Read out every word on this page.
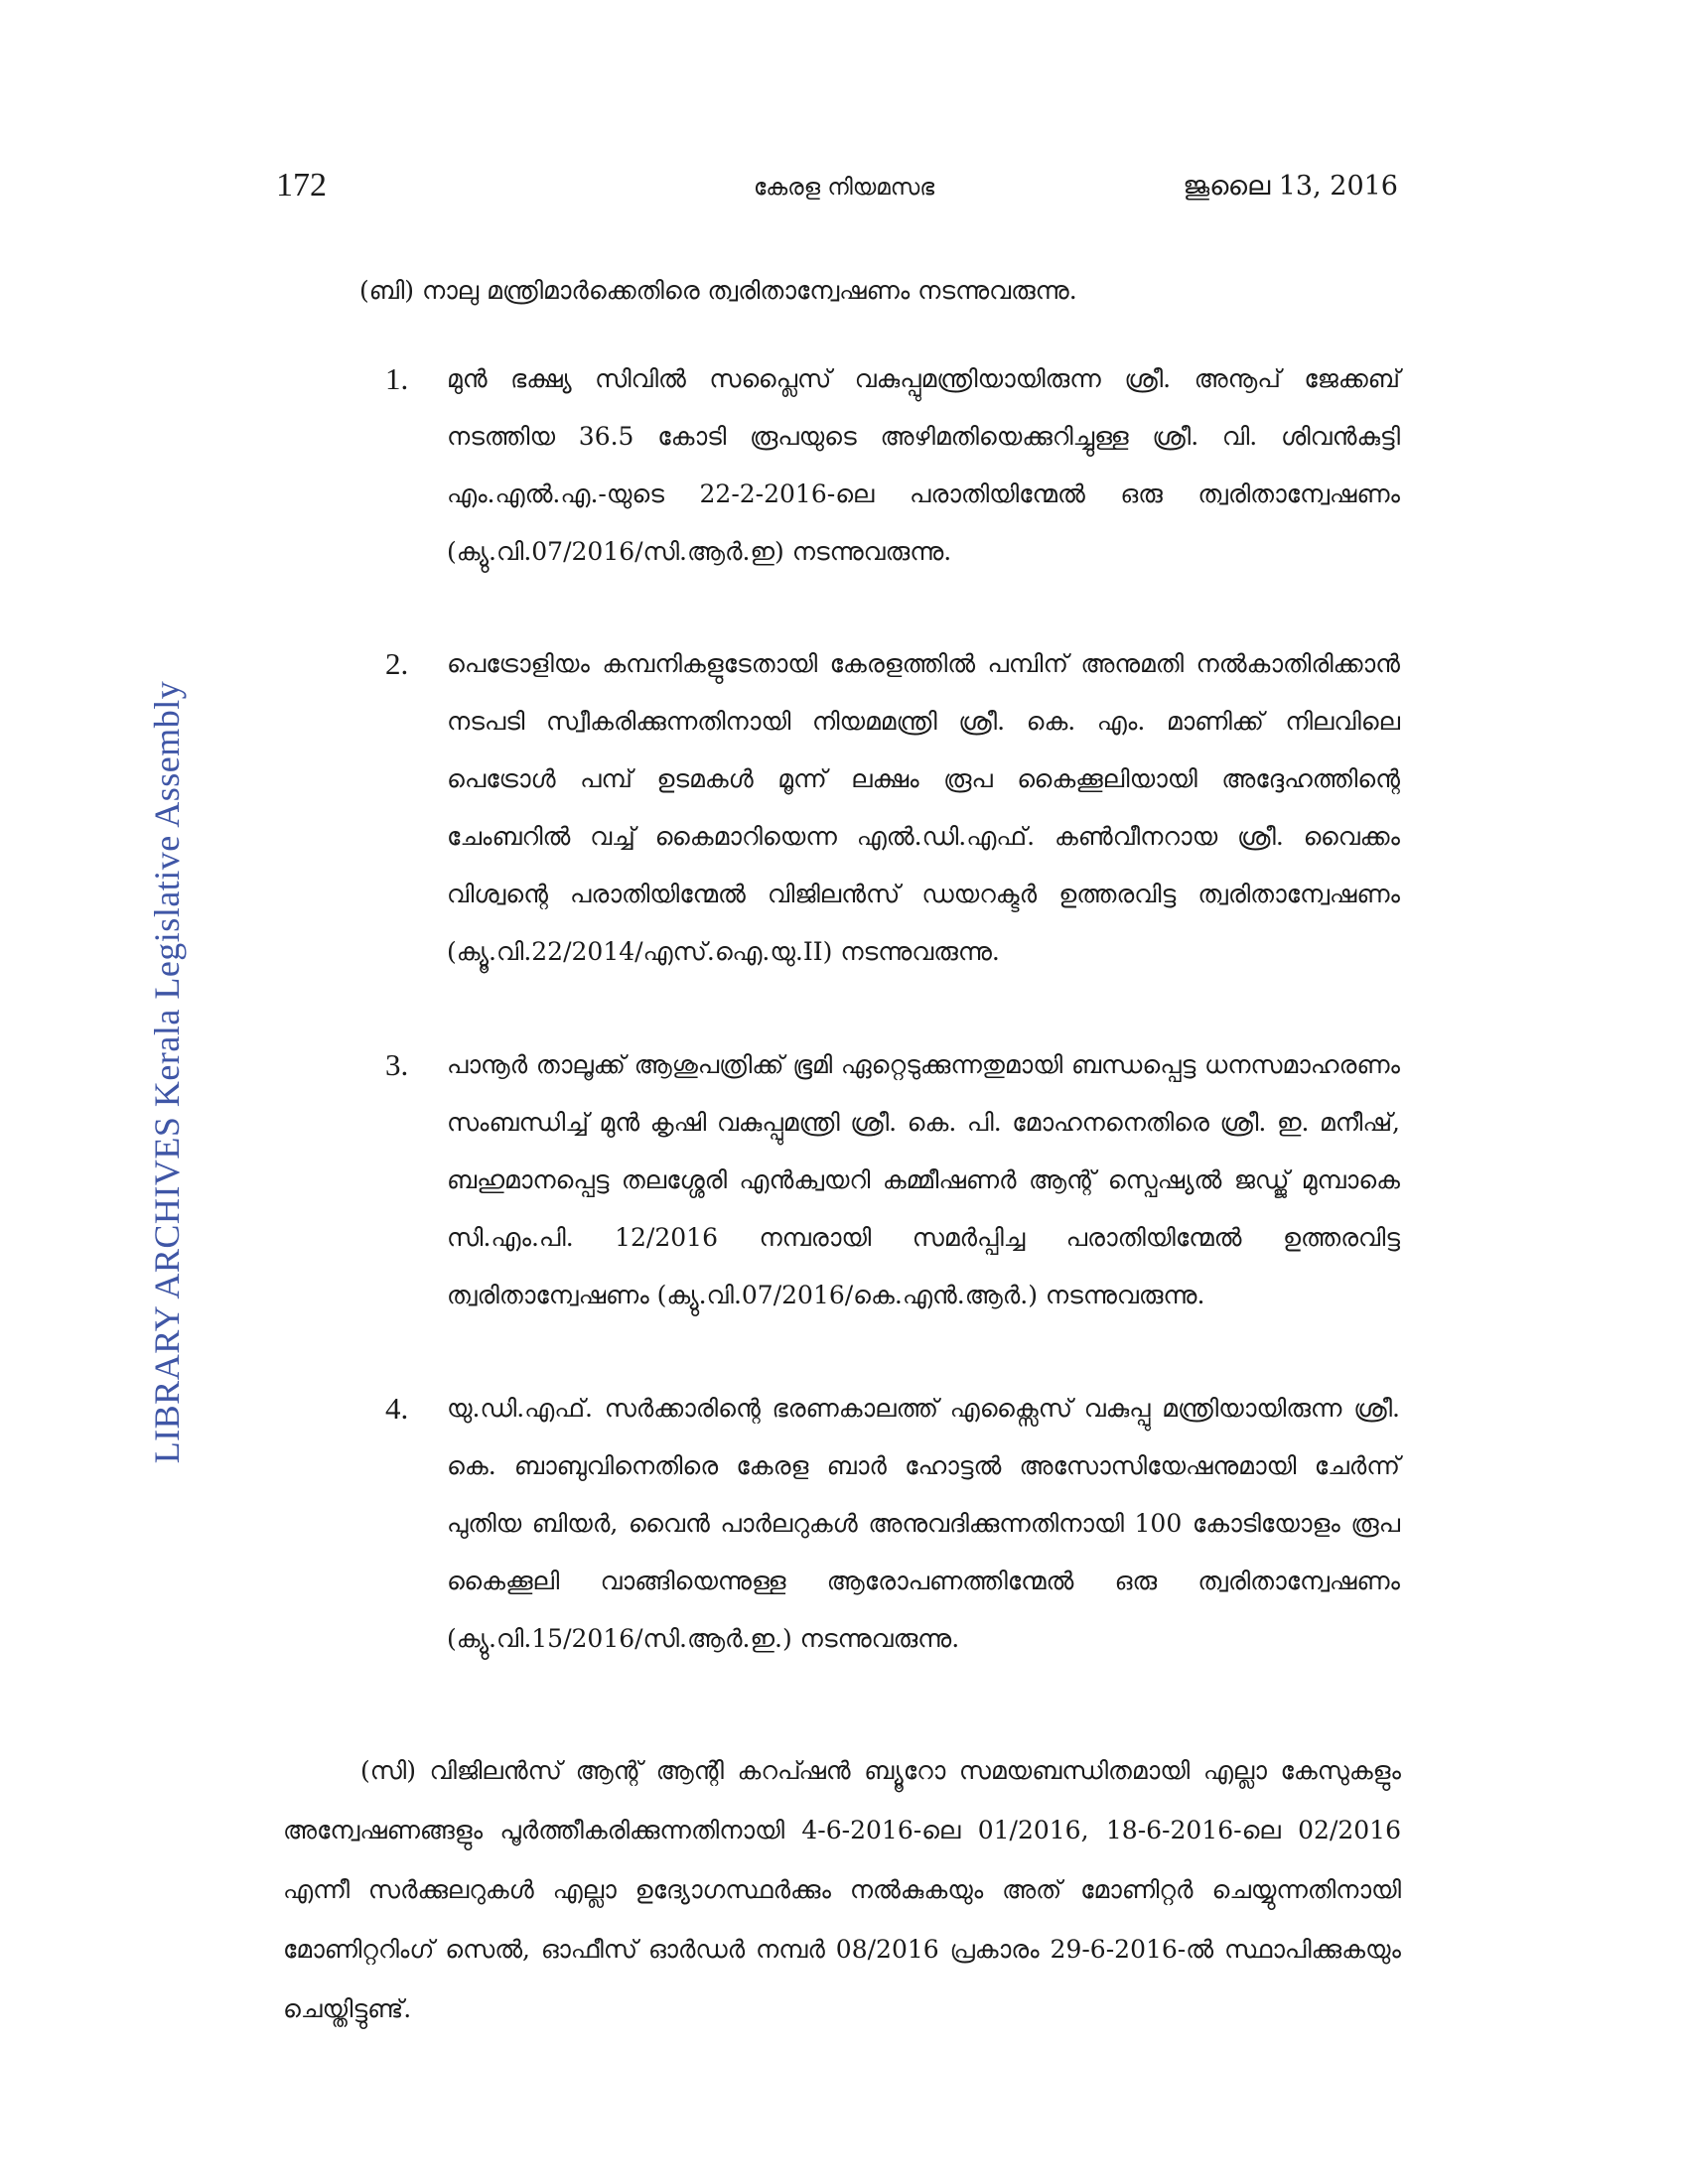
172	കേരള നിയമസഭ	ജൂലൈ 13, 2016
LIBRARY ARCHIVES Kerala Legislative Assembly
(ബി) നാലു മന്ത്രിമാർക്കെതിരെ ത്വരിതാന്വേഷണം നടന്നുവരുന്നു.
1. മുൻ ഭക്ഷ്യ സിവിൽ സപ്ലൈസ് വകുപ്പുമന്ത്രിയായിരുന്ന ശ്രീ. അനൂപ് ജേക്കബ് നടത്തിയ 36.5 കോടി രൂപയുടെ അഴിമതിയെക്കുറിച്ചുള്ള ശ്രീ. വി. ശിവൻകുട്ടി എം.എൽ.എ.-യുടെ 22-2-2016-ലെ പരാതിയിന്മേൽ ഒരു ത്വരിതാന്വേഷണം (ക്യു.വി.07/2016/സി.ആർ.ഇ) നടന്നുവരുന്നു.
2. പെട്രോളിയം കമ്പനികളുടേതായി കേരളത്തിൽ പമ്പിന് അനുമതി നൽകാതിരിക്കാൻ നടപടി സ്വീകരിക്കുന്നതിനായി നിയമമന്ത്രി ശ്രീ. കെ. എം. മാണിക്ക് നിലവിലെ പെട്രോൾ പമ്പ് ഉടമകൾ മൂന്ന് ലക്ഷം രൂപ കൈക്കൂലിയായി അദ്ദേഹത്തിന്റെ ചേംബറിൽ വച്ച് കൈമാറിയെന്ന എൽ.ഡി.എഫ്. കൺവീനറായ ശ്രീ. വൈക്കം വിശ്വന്റെ പരാതിയിന്മേൽ വിജിലൻസ് ഡയറക്ടർ ഉത്തരവിട്ട ത്വരിതാന്വേഷണം (ക്യൂ.വി.22/2014/എസ്.ഐ.യു.II) നടന്നുവരുന്നു.
3. പാനൂർ താലൂക്ക് ആശുപത്രിക്ക് ഭൂമി ഏറ്റെടുക്കുന്നതുമായി ബന്ധപ്പെട്ട ധനസമാഹരണം സംബന്ധിച്ച് മുൻ കൃഷി വകുപ്പുമന്ത്രി ശ്രീ. കെ. പി. മോഹനനെതിരെ ശ്രീ. ഇ. മനീഷ്, ബഹുമാനപ്പെട്ട തലശ്ശേരി എൻക്വയറി കമ്മീഷണർ ആന്റ് സ്പെഷ്യൽ ജഡ്ജ് മുമ്പാകെ സി.എം.പി. 12/2016 നമ്പരായി സമർപ്പിച്ച പരാതിയിന്മേൽ ഉത്തരവിട്ട ത്വരിതാന്വേഷണം (ക്യു.വി.07/2016/കെ.എൻ.ആർ.) നടന്നുവരുന്നു.
4. യു.ഡി.എഫ്. സർക്കാരിന്റെ ഭരണകാലത്ത് എക്സൈസ് വകുപ്പു മന്ത്രിയായിരുന്ന ശ്രീ. കെ. ബാബുവിനെതിരെ കേരള ബാർ ഹോട്ടൽ അസോസിയേഷനുമായി ചേർന്ന് പുതിയ ബിയർ, വൈൻ പാർലറുകൾ അനുവദിക്കുന്നതിനായി 100 കോടിയോളം രൂപ കൈക്കൂലി വാങ്ങിയെന്നുള്ള ആരോപണത്തിന്മേൽ ഒരു ത്വരിതാന്വേഷണം (ക്യു.വി.15/2016/സി.ആർ.ഇ.) നടന്നുവരുന്നു.
(സി) വിജിലൻസ് ആന്റ് ആന്റി കറപ്ഷൻ ബ്യൂറോ സമയബന്ധിതമായി എല്ലാ കേസുകളും അന്വേഷണങ്ങളും പൂർത്തീകരിക്കുന്നതിനായി 4-6-2016-ലെ 01/2016, 18-6-2016-ലെ 02/2016 എന്നീ സർക്കുലറുകൾ എല്ലാ ഉദ്യോഗസ്ഥർക്കും നൽകുകയും അത് മോണിറ്റർ ചെയ്യുന്നതിനായി മോണിറ്ററിംഗ് സെൽ, ഓഫീസ് ഓർഡർ നമ്പർ 08/2016 പ്രകാരം 29-6-2016-ൽ സ്ഥാപിക്കുകയും ചെയ്തിട്ടുണ്ട്.
